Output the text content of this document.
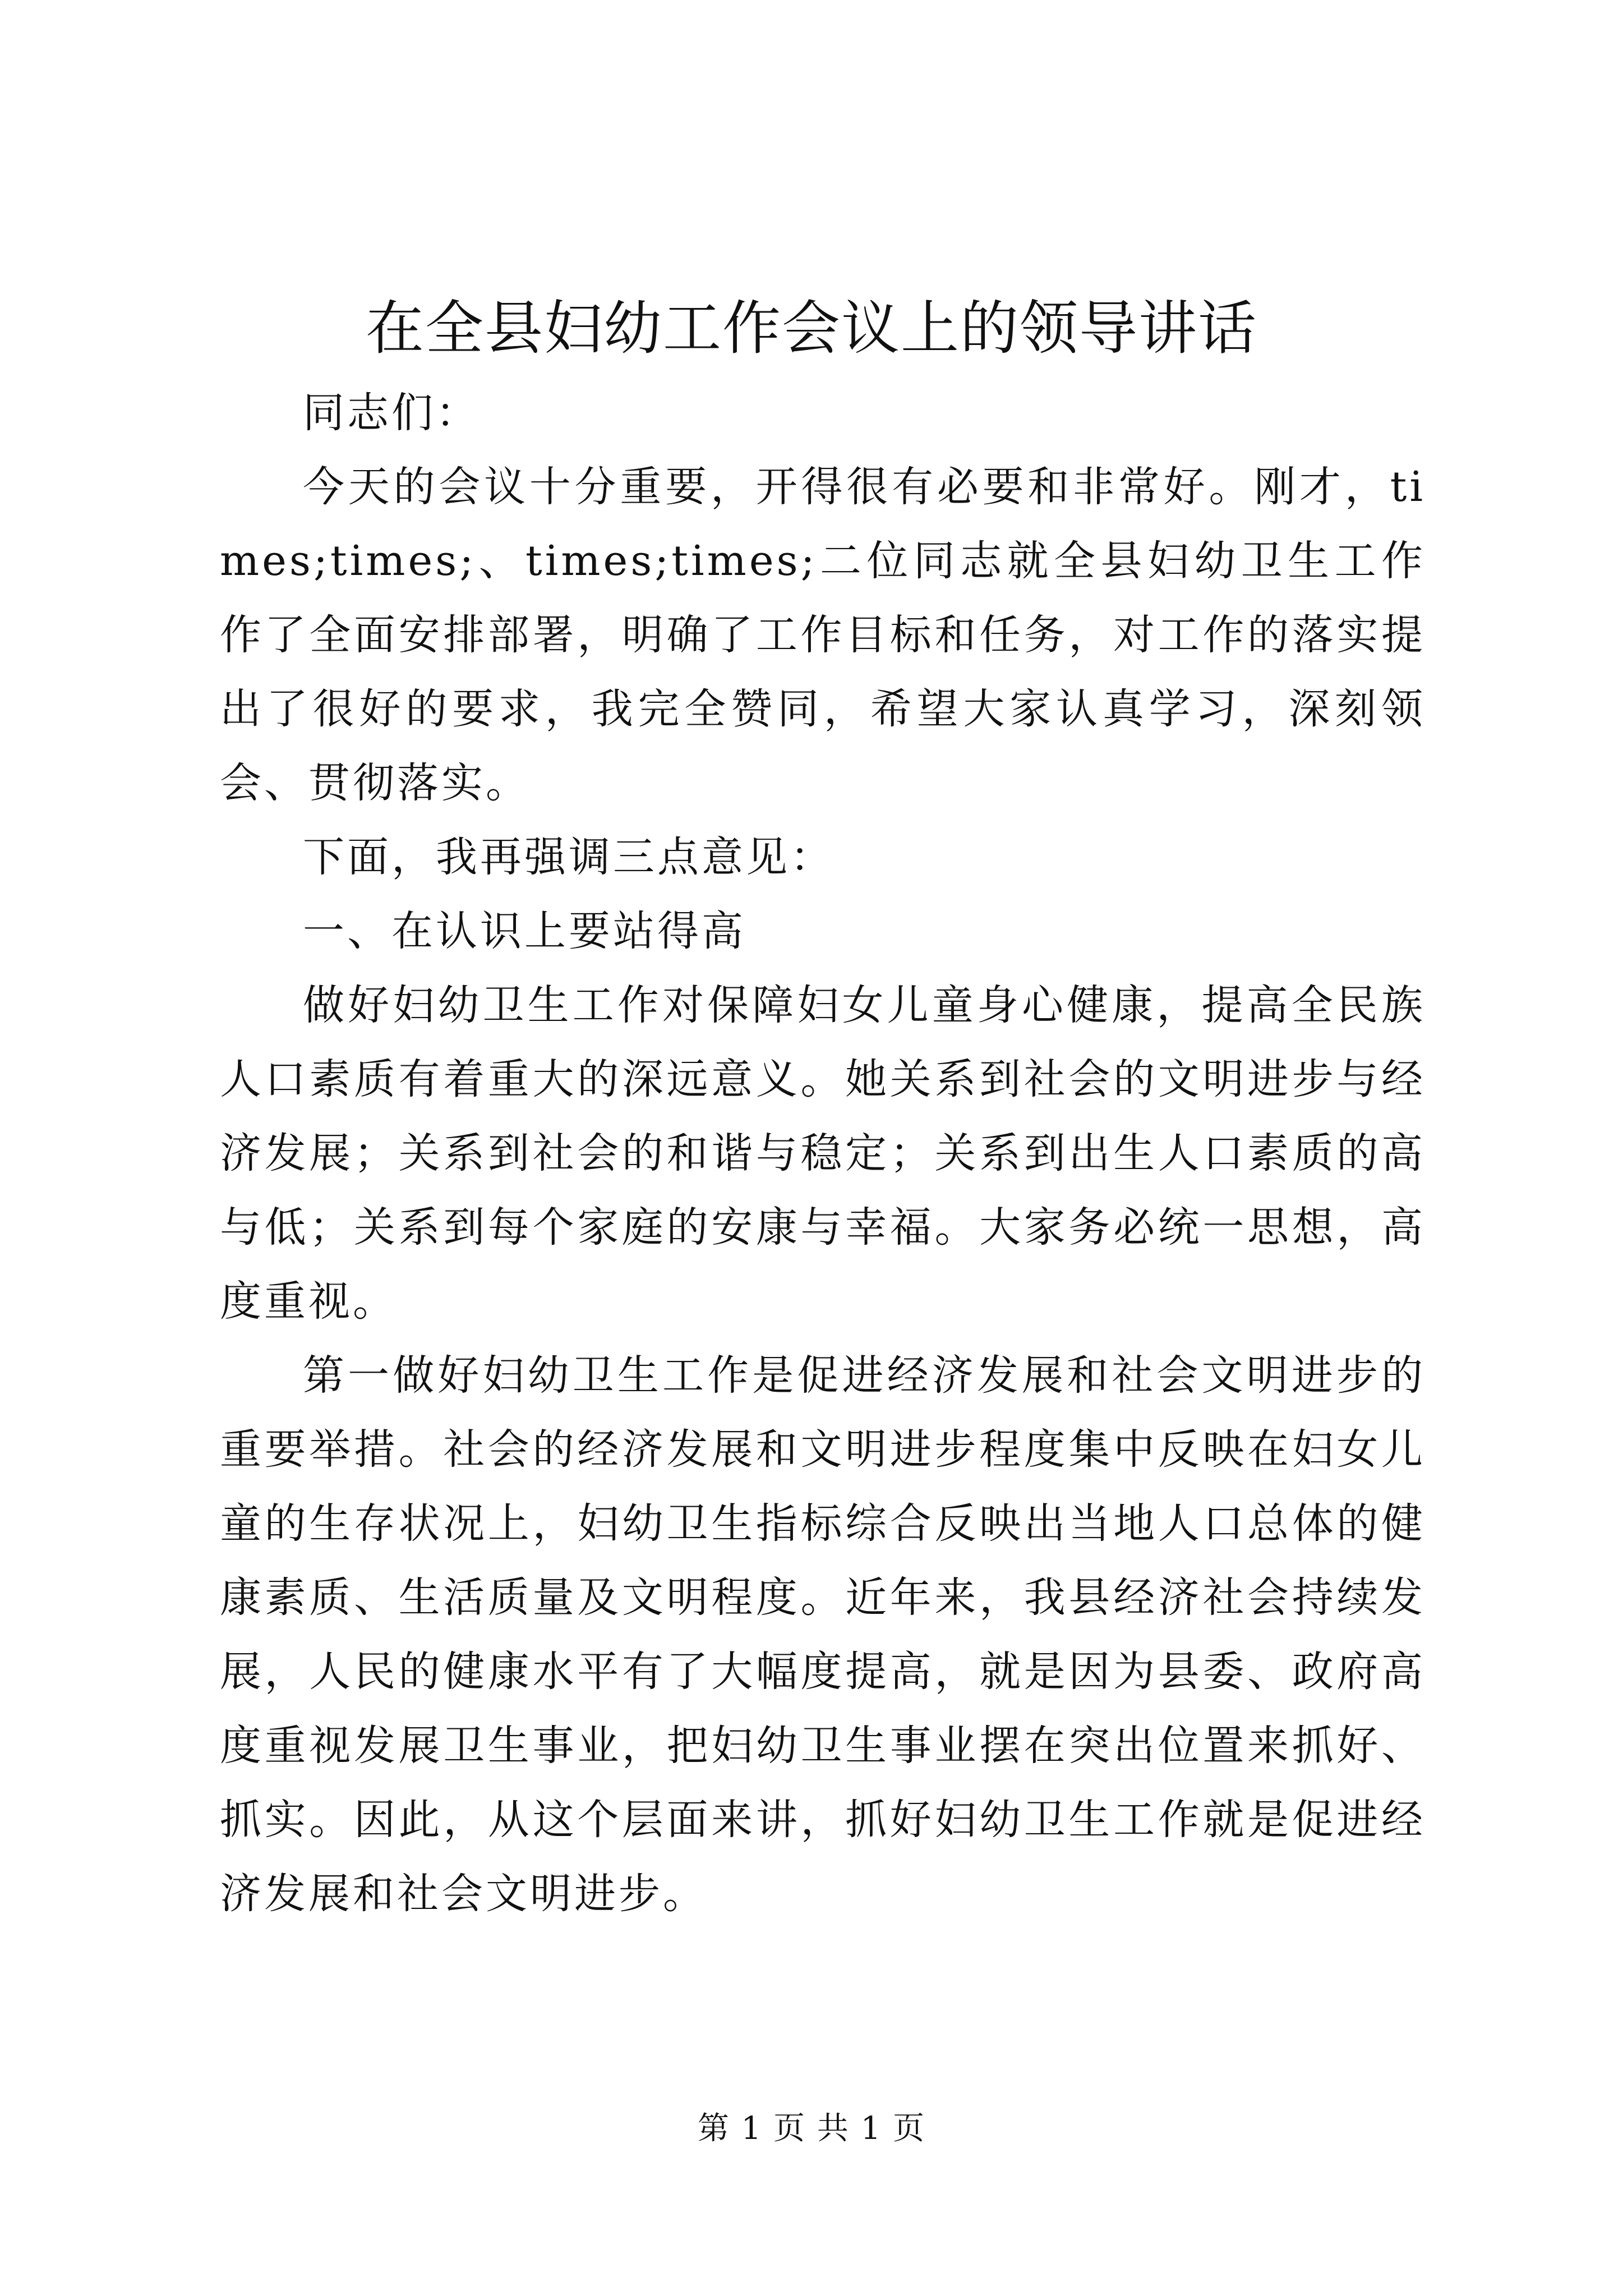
在全县妇幼工作会议上的领导讲话

同志们：

今天的会议十分重要，开得很有必要和非常好。刚才，times;times;、times;times;二位同志就全县妇幼卫生工作作了全面安排部署，明确了工作目标和任务，对工作的落实提出了很好的要求，我完全赞同，希望大家认真学习，深刻领会、贯彻落实。

下面，我再强调三点意见：

一、在认识上要站得高

做好妇幼卫生工作对保障妇女儿童身心健康，提高全民族人口素质有着重大的深远意义。她关系到社会的文明进步与经济发展；关系到社会的和谐与稳定；关系到出生人口素质的高与低；关系到每个家庭的安康与幸福。大家务必统一思想，高度重视。

第一做好妇幼卫生工作是促进经济发展和社会文明进步的重要举措。社会的经济发展和文明进步程度集中反映在妇女儿童的生存状况上，妇幼卫生指标综合反映出当地人口总体的健康素质、生活质量及文明程度。近年来，我县经济社会持续发展，人民的健康水平有了大幅度提高，就是因为县委、政府高度重视发展卫生事业，把妇幼卫生事业摆在突出位置来抓好、抓实。因此，从这个层面来讲，抓好妇幼卫生工作就是促进经济发展和社会文明进步。

第 1 页 共 1 页
